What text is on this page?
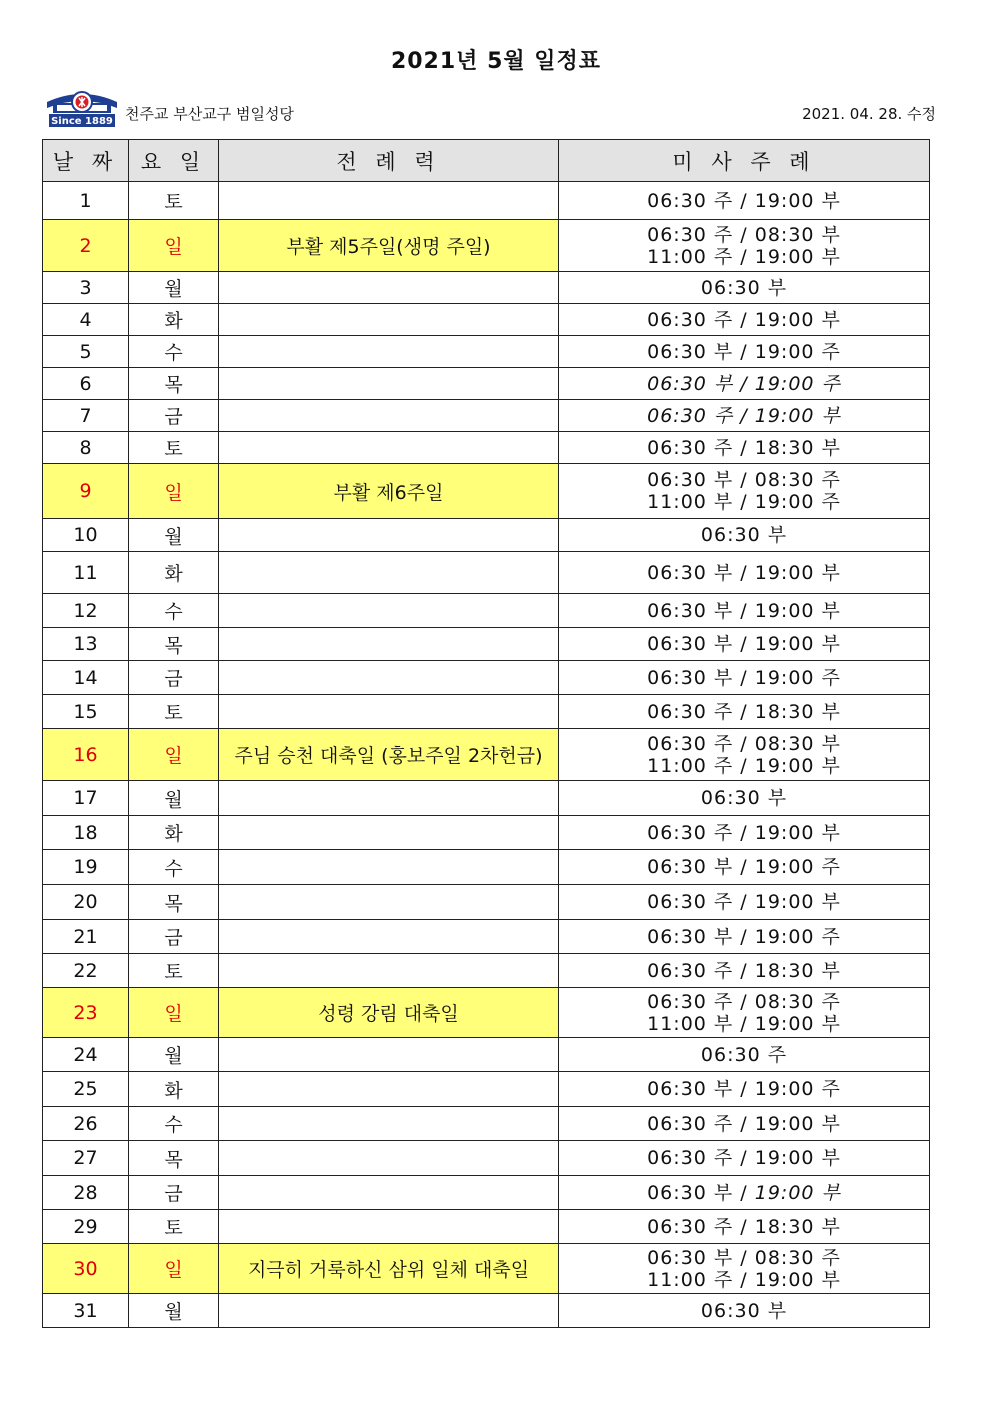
2021년 5월 일정표
Since 1889 천주교 부산교구 범일성당	2021. 04. 28. 수정
날 짜	요 일	전 례 력	미 사 주 례
1	토		06:30 주 / 19:00 부

2	일	부활 제5주일(생명 주일)	06:30 주 / 08:30 부
11:00 주 / 19:00 부

3	월		06:30 부

4	화		06:30 주 / 19:00 부

5	수		06:30 부 / 19:00 주

6	목		06:30 부 / 19:00 주

7	금		06:30 주 / 19:00 부

8	토		06:30 주 / 18:30 부

9	일	부활 제6주일	06:30 부 / 08:30 주
11:00 부 / 19:00 주

10	월		06:30 부

11	화		06:30 부 / 19:00 부

12	수		06:30 부 / 19:00 부

13	목		06:30 부 / 19:00 부

14	금		06:30 부 / 19:00 주

15	토		06:30 주 / 18:30 부

16	일	주님 승천 대축일 (홍보주일 2차헌금)	06:30 주 / 08:30 부
11:00 주 / 19:00 부

17	월		06:30 부

18	화		06:30 주 / 19:00 부

19	수		06:30 부 / 19:00 주

20	목		06:30 주 / 19:00 부

21	금		06:30 부 / 19:00 주

22	토		06:30 주 / 18:30 부

23	일	성령 강림 대축일	06:30 주 / 08:30 주
11:00 부 / 19:00 부

24	월		06:30 주

25	화		06:30 부 / 19:00 주

26	수		06:30 주 / 19:00 부

27	목		06:30 주 / 19:00 부

28	금		06:30 부 / 19:00 부
29	토		06:30 주 / 18:30 부

30	일	지극히 거룩하신 삼위 일체 대축일	06:30 부 / 08:30 주
11:00 주 / 19:00 부

31	월		06:30 부
